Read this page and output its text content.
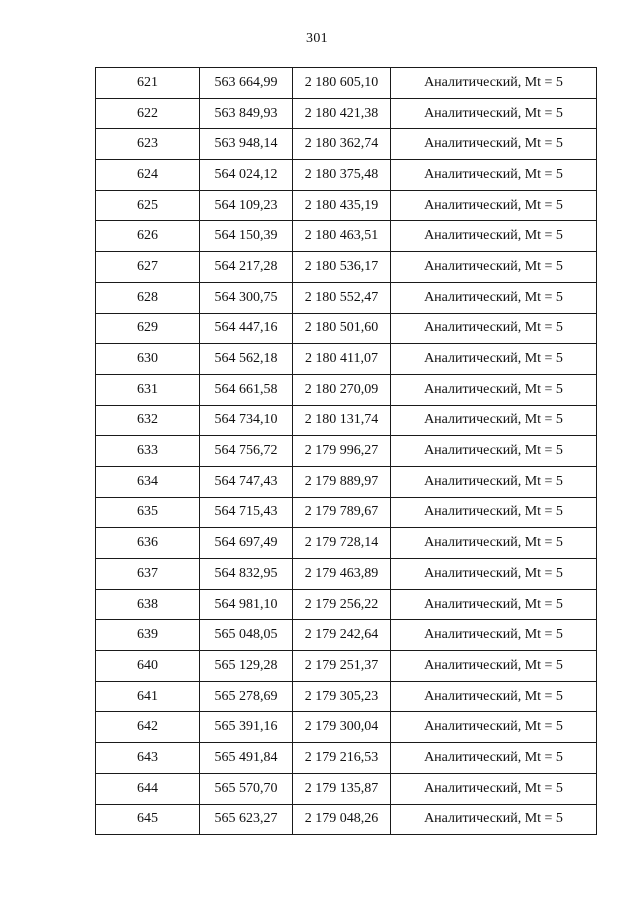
301
621	563 664,99	2 180 605,10	Аналитический, Mt = 5
622	563 849,93	2 180 421,38	Аналитический, Mt = 5
623	563 948,14	2 180 362,74	Аналитический, Mt = 5
624	564 024,12	2 180 375,48	Аналитический, Mt = 5
625	564 109,23	2 180 435,19	Аналитический, Mt = 5
626	564 150,39	2 180 463,51	Аналитический, Mt = 5
627	564 217,28	2 180 536,17	Аналитический, Mt = 5
628	564 300,75	2 180 552,47	Аналитический, Mt = 5
629	564 447,16	2 180 501,60	Аналитический, Mt = 5
630	564 562,18	2 180 411,07	Аналитический, Mt = 5
631	564 661,58	2 180 270,09	Аналитический, Mt = 5
632	564 734,10	2 180 131,74	Аналитический, Mt = 5
633	564 756,72	2 179 996,27	Аналитический, Mt = 5
634	564 747,43	2 179 889,97	Аналитический, Mt = 5
635	564 715,43	2 179 789,67	Аналитический, Mt = 5
636	564 697,49	2 179 728,14	Аналитический, Mt = 5
637	564 832,95	2 179 463,89	Аналитический, Mt = 5
638	564 981,10	2 179 256,22	Аналитический, Mt = 5
639	565 048,05	2 179 242,64	Аналитический, Mt = 5
640	565 129,28	2 179 251,37	Аналитический, Mt = 5
641	565 278,69	2 179 305,23	Аналитический, Mt = 5
642	565 391,16	2 179 300,04	Аналитический, Mt = 5
643	565 491,84	2 179 216,53	Аналитический, Mt = 5
644	565 570,70	2 179 135,87	Аналитический, Mt = 5
645	565 623,27	2 179 048,26	Аналитический, Mt = 5
